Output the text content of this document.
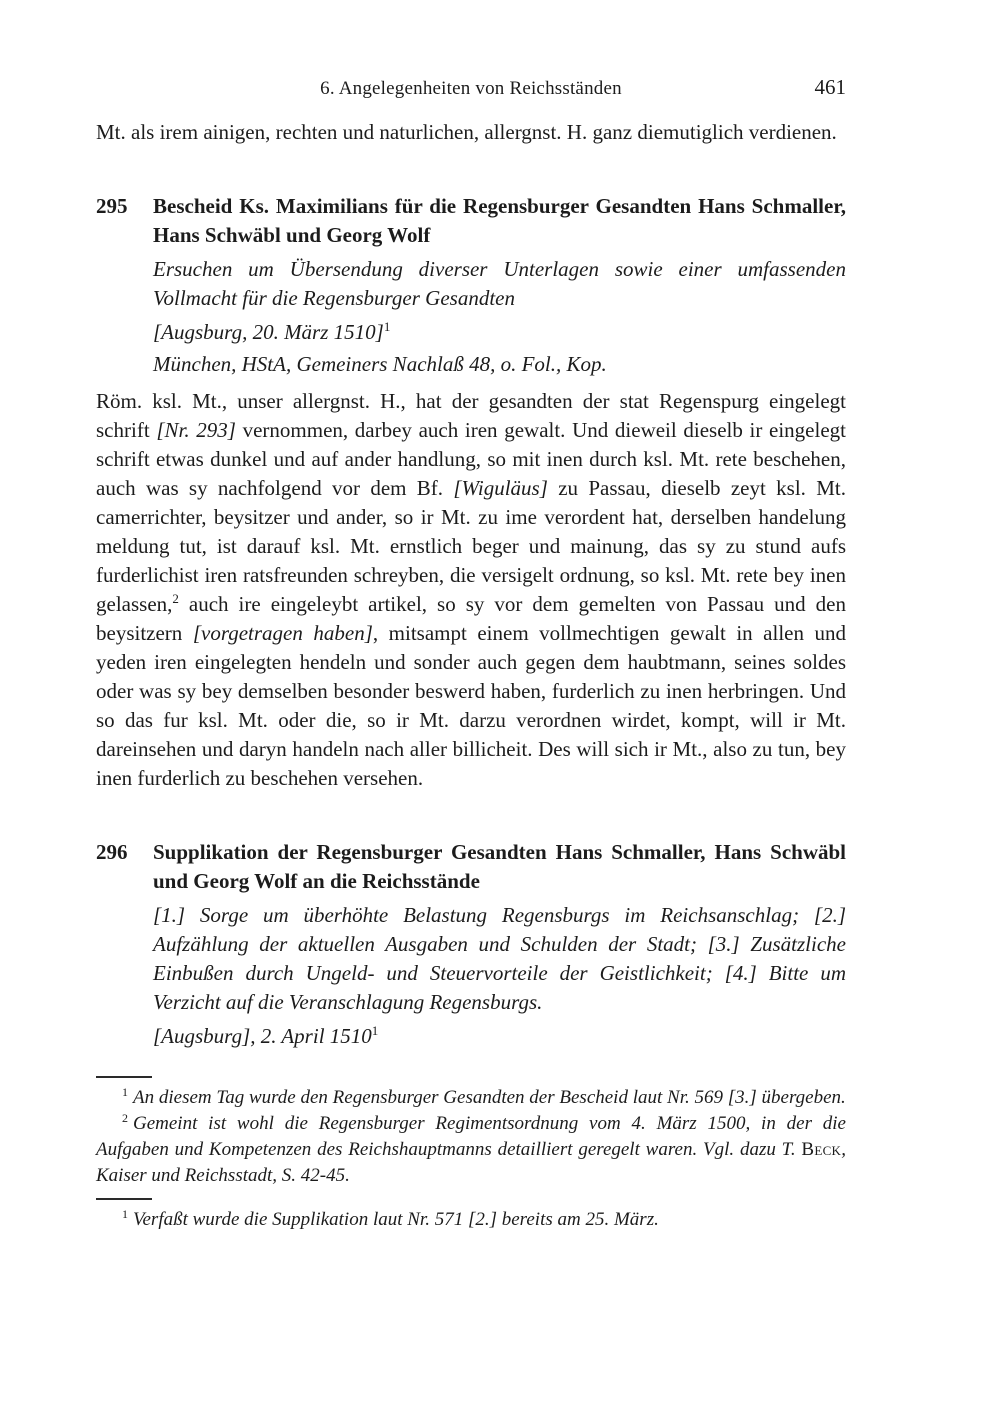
6. Angelegenheiten von Reichsständen	461

Mt. als irem ainigen, rechten und naturlichen, allergnst. H. ganz diemutiglich verdienen.

295 Bescheid Ks. Maximilians für die Regensburger Gesandten Hans Schmaller, Hans Schwäbl und Georg Wolf

Ersuchen um Übersendung diverser Unterlagen sowie einer umfassenden Vollmacht für die Regensburger Gesandten

[Augsburg, 20. März 1510]$^1$

München, HStA, Gemeiners Nachlaß 48, o. Fol., Kop.

Röm. ksl. Mt., unser allergnst. H., hat der gesandten der stat Regenspurg eingelegt schrift [Nr. 293] vernommen, darbey auch iren gewalt. Und dieweil dieselb ir eingelegt schrift etwas dunkel und auf ander handlung, so mit inen durch ksl. Mt. rete beschehen, auch was sy nachfolgend vor dem Bf. [Wiguläus] zu Passau, dieselb zeyt ksl. Mt. camerrichter, beysitzer und ander, so ir Mt. zu ime verordent hat, derselben handelung meldung tut, ist darauf ksl. Mt. ernstlich beger und mainung, das sy zu stund aufs furderlichist iren ratsfreunden schreyben, die versigelt ordnung, so ksl. Mt. rete bey inen gelassen,$^2$ auch ire eingeleybt artikel, so sy vor dem gemelten von Passau und den beysitzern [vorgetragen haben], mitsampt einem vollmechtigen gewalt in allen und yeden iren eingelegten hendeln und sonder auch gegen dem haubtmann, seines soldes oder was sy bey demselben besonder beswerd haben, furderlich zu inen herbringen. Und so das fur ksl. Mt. oder die, so ir Mt. darzu verordnen wirdet, kompt, will ir Mt. dareinsehen und daryn handeln nach aller billicheit. Des will sich ir Mt., also zu tun, bey inen furderlich zu beschehen versehen.

296 Supplikation der Regensburger Gesandten Hans Schmaller, Hans Schwäbl und Georg Wolf an die Reichsstände

[1.] Sorge um überhöhte Belastung Regensburgs im Reichsanschlag; [2.] Aufzählung der aktuellen Ausgaben und Schulden der Stadt; [3.] Zusätzliche Einbußen durch Ungeld- und Steuervorteile der Geistlichkeit; [4.] Bitte um Verzicht auf die Veranschlagung Regensburgs.

[Augsburg], 2. April 1510$^1$

$^1$ An diesem Tag wurde den Regensburger Gesandten der Bescheid laut Nr. 569 [3.] übergeben.

$^2$ Gemeint ist wohl die Regensburger Regimentsordnung vom 4. März 1500, in der die Aufgaben und Kompetenzen des Reichshauptmanns detailliert geregelt waren. Vgl. dazu T. Beck, Kaiser und Reichsstadt, S. 42-45.

$^1$ Verfaßt wurde die Supplikation laut Nr. 571 [2.] bereits am 25. März.
